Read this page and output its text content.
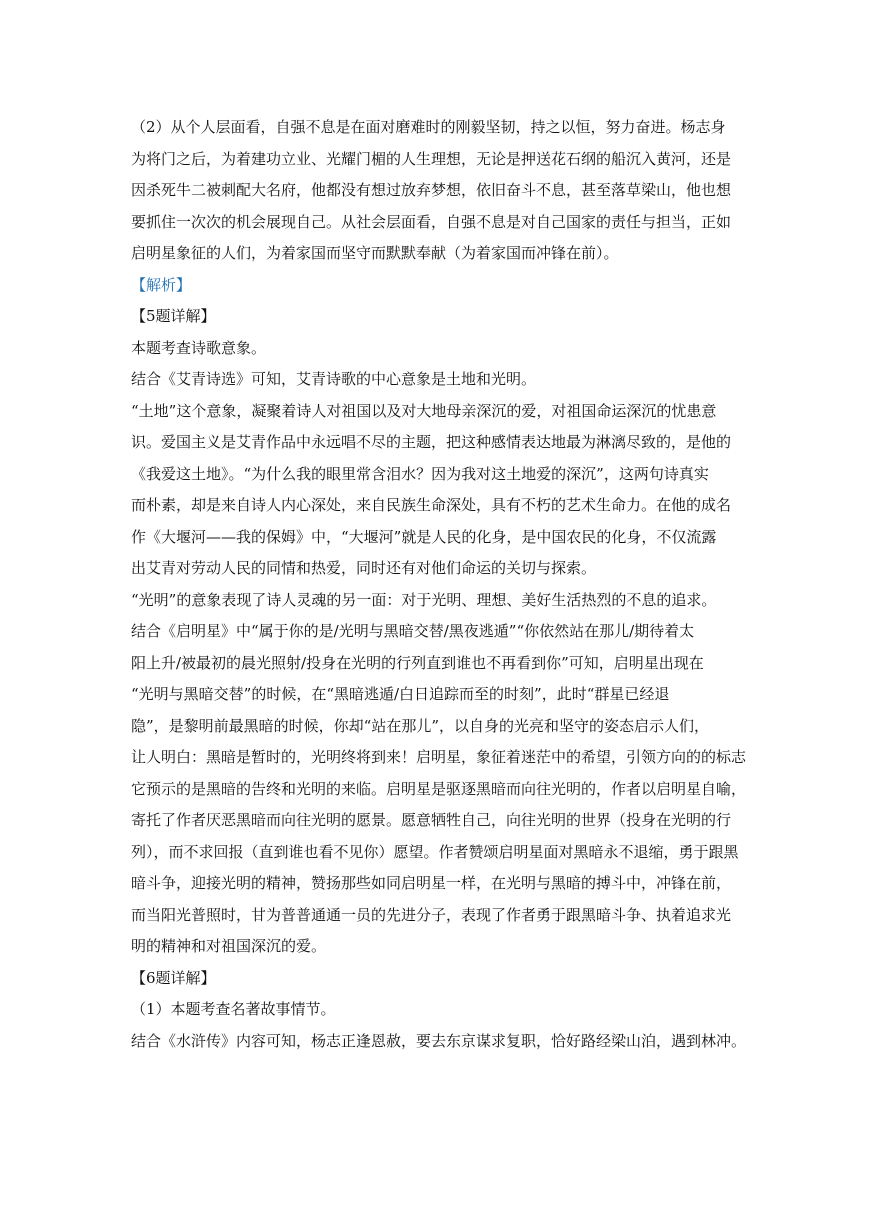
（2）从个人层面看，自强不息是在面对磨难时的刚毅坚韧，持之以恒，努力奋进。杨志身
为将门之后，为着建功立业、光耀门楣的人生理想，无论是押送花石纲的船沉入黄河，还是
因杀死牛二被刺配大名府，他都没有想过放弃梦想，依旧奋斗不息，甚至落草梁山，他也想
要抓住一次次的机会展现自己。从社会层面看，自强不息是对自己国家的责任与担当，正如
启明星象征的人们，为着家国而坚守而默默奉献（为着家国而冲锋在前）。
【解析】
【5题详解】
本题考查诗歌意象。
结合《艾青诗选》可知，艾青诗歌的中心意象是土地和光明。
“土地”这个意象，凝聚着诗人对祖国以及对大地母亲深沉的爱，对祖国命运深沉的忧患意
识。爱国主义是艾青作品中永远唱不尽的主题，把这种感情表达地最为淋漓尽致的，是他的
《我爱这土地》。“为什么我的眼里常含泪水？因为我对这土地爱的深沉”，这两句诗真实
而朴素，却是来自诗人内心深处，来自民族生命深处，具有不朽的艺术生命力。在他的成名
作《大堰河——我的保姆》中，“大堰河”就是人民的化身，是中国农民的化身，不仅流露
出艾青对劳动人民的同情和热爱，同时还有对他们命运的关切与探索。
“光明”的意象表现了诗人灵魂的另一面：对于光明、理想、美好生活热烈的不息的追求。
结合《启明星》中“属于你的是/光明与黑暗交替/黑夜逃遁”“你依然站在那儿/期待着太
阳上升/被最初的晨光照射/投身在光明的行列直到谁也不再看到你”可知，启明星出现在
“光明与黑暗交替”的时候，在“黑暗逃遁/白日追踪而至的时刻”，此时“群星已经退
隐”，是黎明前最黑暗的时候，你却“站在那儿”，以自身的光亮和坚守的姿态启示人们，
让人明白：黑暗是暂时的，光明终将到来！启明星，象征着迷茫中的希望，引领方向的的标志
它预示的是黑暗的告终和光明的来临。启明星是驱逐黑暗而向往光明的，作者以启明星自喻，
寄托了作者厌恶黑暗而向往光明的愿景。愿意牺牲自己，向往光明的世界（投身在光明的行
列），而不求回报（直到谁也看不见你）愿望。作者赞颂启明星面对黑暗永不退缩，勇于跟黑
暗斗争，迎接光明的精神，赞扬那些如同启明星一样，在光明与黑暗的搏斗中，冲锋在前，
而当阳光普照时，甘为普普通通一员的先进分子，表现了作者勇于跟黑暗斗争、执着追求光
明的精神和对祖国深沉的爱。
【6题详解】
（1）本题考查名著故事情节。
结合《水浒传》内容可知，杨志正逢恩赦，要去东京谋求复职，恰好路经梁山泊，遇到林冲。
